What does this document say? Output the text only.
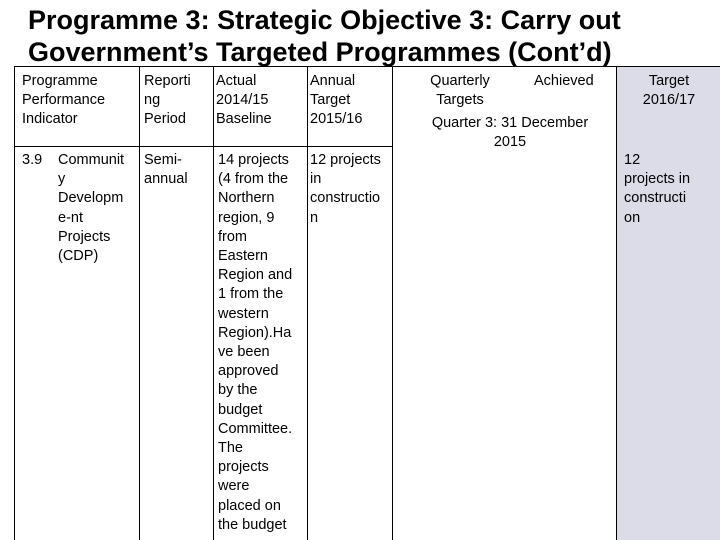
Programme 3: Strategic Objective 3: Carry out
Government’s Targeted Programmes (Cont’d)
Programme
Performance
Indicator
Reporti
ng
Period
Actual
2014/15
Baseline
Annual
Target
2015/16
Quarterly
Targets
Achieved
Quarter 3: 31 December
2015
Target
2016/17
3.9 Communit
y
Developm
e-nt
Projects
(CDP)
Semi-
annual
14 projects
(4 from the
Northern
region, 9
from
Eastern
Region and
1 from the
western
Region).Ha
ve been
approved
by the
budget
Committee.
The
projects
were
placed on
the budget
12 projects
in
constructio
n
12
projects in
constructi
on
